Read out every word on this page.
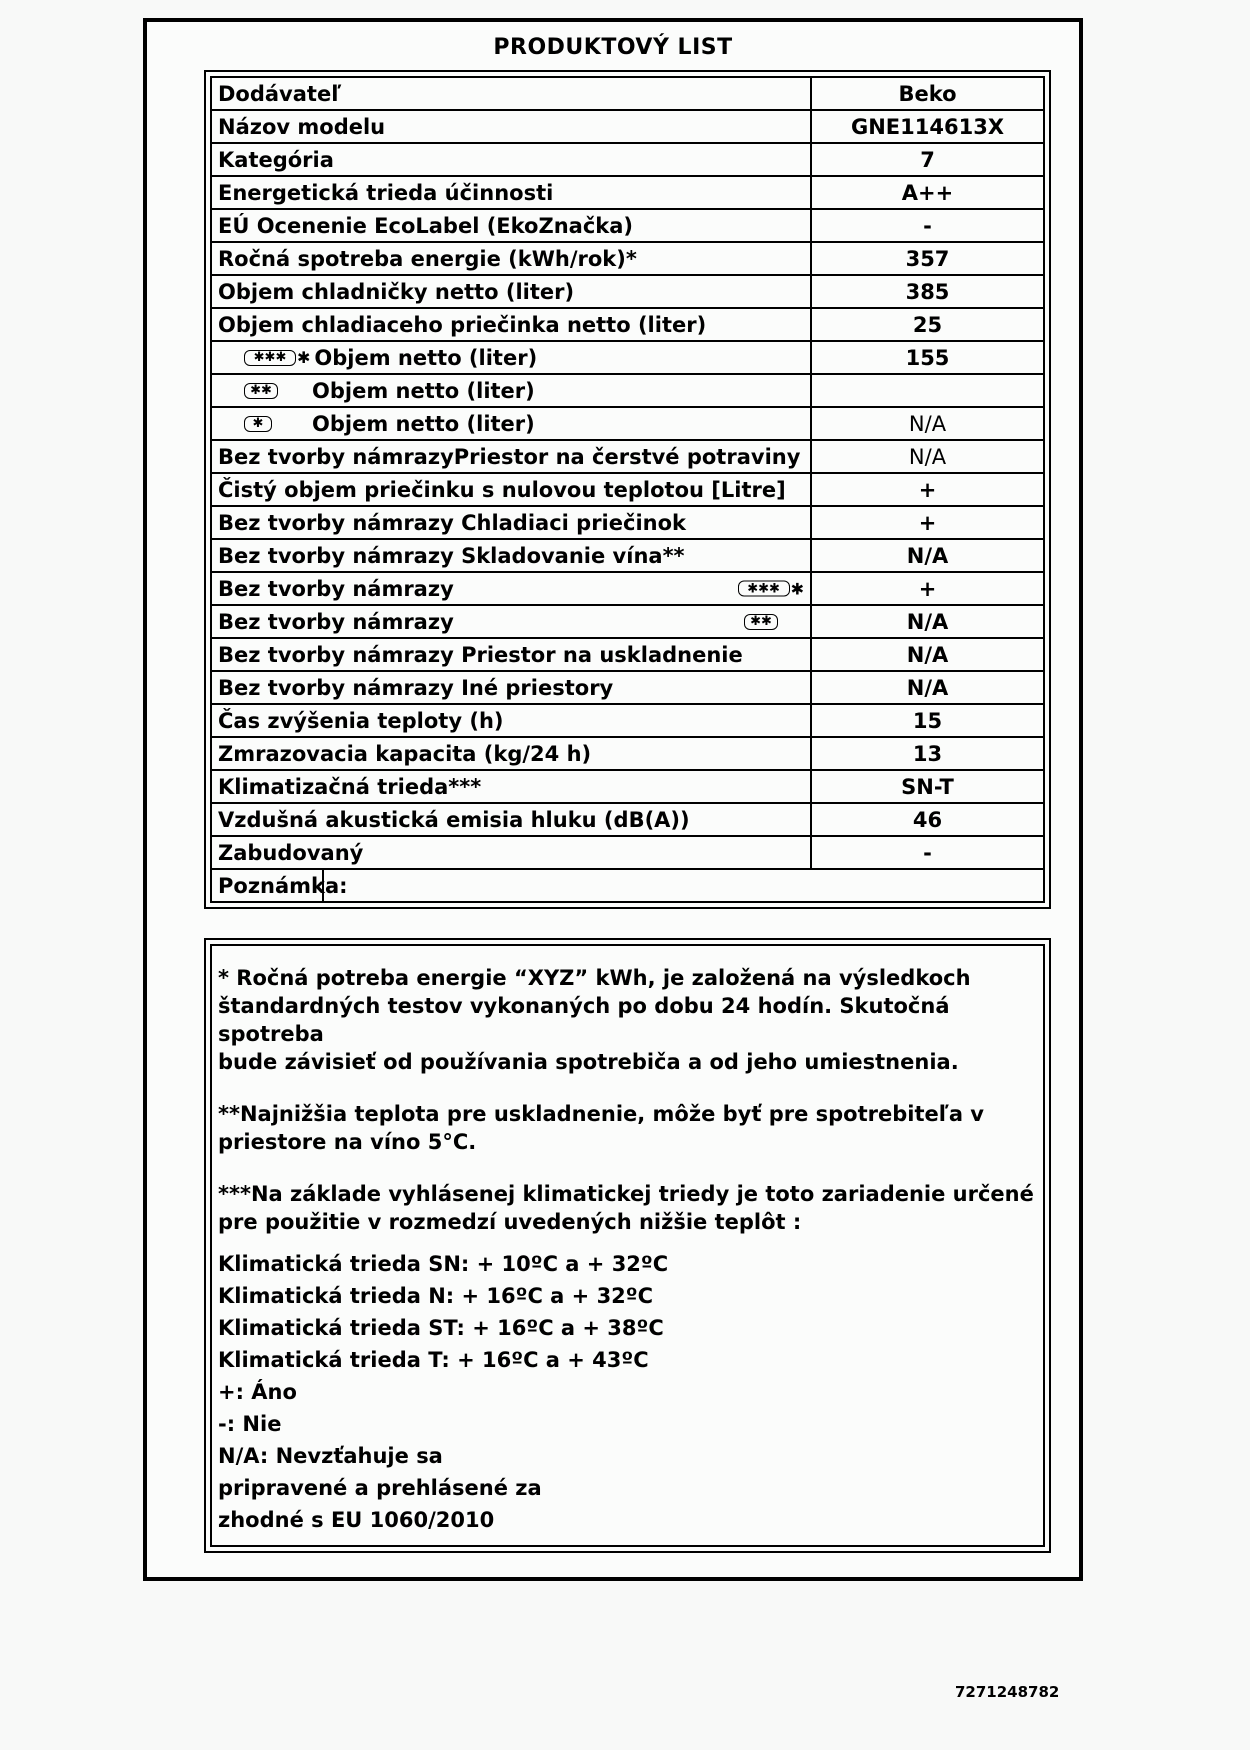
PRODUKTOVÝ LIST
Dodávateľ	Beko
Názov modelu	GNE114613X
Kategória	7
Energetická trieda účinnosti	A++
EÚ Ocenenie EcoLabel (EkoZnačka)	-
Ročná spotreba energie (kWh/rok)*	357
Objem chladničky netto (liter)	385
Objem chladiaceho priečinka netto (liter)	25
✱✱✱ ✱ Objem netto (liter)	155
✱✱ Objem netto (liter)
✱	Objem netto (liter)	N/A
Bez tvorby námrazyPriestor na čerstvé potraviny	N/A
Čistý objem priečinku s nulovou teplotou [Litre]	+
Bez tvorby námrazy Chladiaci priečinok	+
Bez tvorby námrazy Skladovanie vína**	N/A
Bez tvorby námrazy	✱✱✱ ✱	+
Bez tvorby námrazy	✱✱	N/A
Bez tvorby námrazy Priestor na uskladnenie	N/A
Bez tvorby námrazy Iné priestory	N/A
Čas zvýšenia teploty (h)	15
Zmrazovacia kapacita (kg/24 h)	13
Klimatizačná trieda***	SN-T
Vzdušná akustická emisia hluku (dB(A))	46
Zabudovaný	-
Poznámka:

* Ročná potreba energie “XYZ” kWh, je založená na výsledkoch
štandardných testov vykonaných po dobu 24 hodín. Skutočná spotreba
bude závisieť od používania spotrebiča a od jeho umiestnenia.

**Najnižšia teplota pre uskladnenie, môže byť pre spotrebiteľa v
priestore na víno 5°C.

***Na základe vyhlásenej klimatickej triedy je toto zariadenie určené
pre použitie v rozmedzí uvedených nižšie teplôt :

Klimatická trieda SN: + 10ºC a + 32ºC

Klimatická trieda N: + 16ºC a + 32ºC

Klimatická trieda ST: + 16ºC a + 38ºC

Klimatická trieda T: + 16ºC a + 43ºC

+: Áno

-: Nie

N/A: Nevzťahuje sa

pripravené a prehlásené za

zhodné s EU 1060/2010

7271248782
